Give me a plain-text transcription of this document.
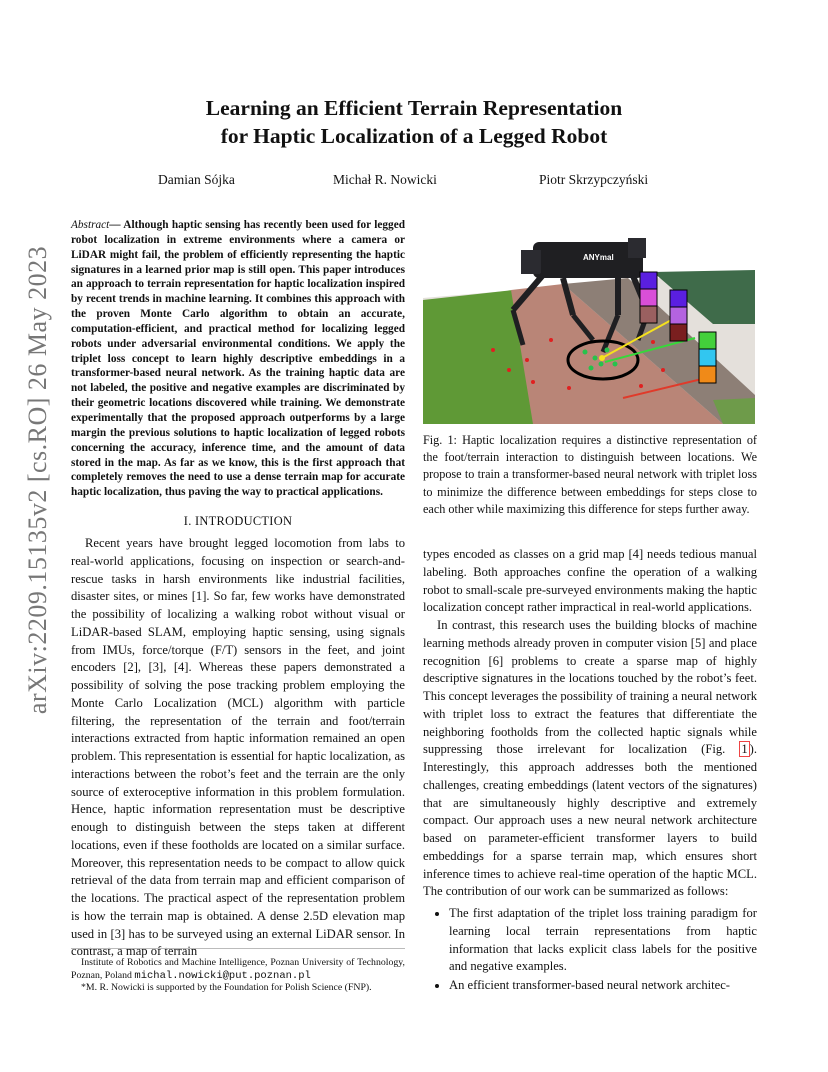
arXiv:2209.15135v2 [cs.RO] 26 May 2023
Learning an Efficient Terrain Representation
for Haptic Localization of a Legged Robot
Damian Sójka	Michał R. Nowicki	Piotr Skrzypczyński
Abstract— Although haptic sensing has recently been used for legged robot localization in extreme environments where a camera or LiDAR might fail, the problem of efficiently representing the haptic signatures in a learned prior map is still open. This paper introduces an approach to terrain representation for haptic localization inspired by recent trends in machine learning. It combines this approach with the proven Monte Carlo algorithm to obtain an accurate, computation-efficient, and practical method for localizing legged robots under adversarial environmental conditions. We apply the triplet loss concept to learn highly descriptive embeddings in a transformer-based neural network. As the training haptic data are not labeled, the positive and negative examples are discriminated by their geometric locations discovered while training. We demonstrate experimentally that the proposed approach outperforms by a large margin the previous solutions to haptic localization of legged robots concerning the accuracy, inference time, and the amount of data stored in the map. As far as we know, this is the first approach that completely removes the need to use a dense terrain map for accurate haptic localization, thus paving the way to practical applications.
I. INTRODUCTION

Recent years have brought legged locomotion from labs to real-world applications, focusing on inspection or search-and-rescue tasks in harsh environments like industrial facilities, disaster sites, or mines [1]. So far, few works have demonstrated the possibility of localizing a walking robot without visual or LiDAR-based SLAM, employing haptic sensing, using signals from IMUs, force/torque (F/T) sensors in the feet, and joint encoders [2], [3], [4]. Whereas these papers demonstrated a possibility of solving the pose tracking problem employing the Monte Carlo Localization (MCL) algorithm with particle filtering, the representation of the terrain and foot/terrain interactions extracted from haptic information remained an open problem. This representation is essential for haptic localization, as interactions between the robot’s feet and the terrain are the only source of exteroceptive information in this problem formulation. Hence, haptic information representation must be descriptive enough to distinguish between the steps taken at different locations, even if these footholds are located on a similar surface. Moreover, this representation needs to be compact to allow quick retrieval of the data from terrain map and efficient comparison of the locations. The practical aspect of the representation problem is how the terrain map is obtained. A dense 2.5D elevation map used in [3] has to be surveyed using an external LiDAR sensor. In contrast, a map of terrain

Institute of Robotics and Machine Intelligence, Poznan University of Technology, Poznan, Poland michal.nowicki@put.poznan.pl
*M. R. Nowicki is supported by the Foundation for Polish Science (FNP).
ANYmal
Fig. 1: Haptic localization requires a distinctive representation of the foot/terrain interaction to distinguish between locations. We propose to train a transformer-based neural network with triplet loss to minimize the difference between embeddings for steps close to each other while maximizing this difference for steps further away.

types encoded as classes on a grid map [4] needs tedious manual labeling. Both approaches confine the operation of a walking robot to small-scale pre-surveyed environments making the haptic localization concept rather impractical in real-world applications.

In contrast, this research uses the building blocks of machine learning methods already proven in computer vision [5] and place recognition [6] problems to create a sparse map of highly descriptive signatures in the locations touched by the robot’s feet. This concept leverages the possibility of training a neural network with triplet loss to extract the features that differentiate the neighboring footholds from the collected haptic signals while suppressing those irrelevant for localization (Fig. 1 ). Interestingly, this approach addresses both the mentioned challenges, creating embeddings (latent vectors of the signatures) that are simultaneously highly descriptive and extremely compact. Our approach uses a new neural network architecture based on parameter-efficient transformer layers to build embeddings for a sparse terrain map, which ensures short inference times to achieve real-time operation of the haptic MCL. The contribution of our work can be summarized as follows:

• The first adaptation of the triplet loss training paradigm for learning local terrain representations from haptic information that lacks explicit class labels for the positive and negative examples.
• An efficient transformer-based neural network architec-
